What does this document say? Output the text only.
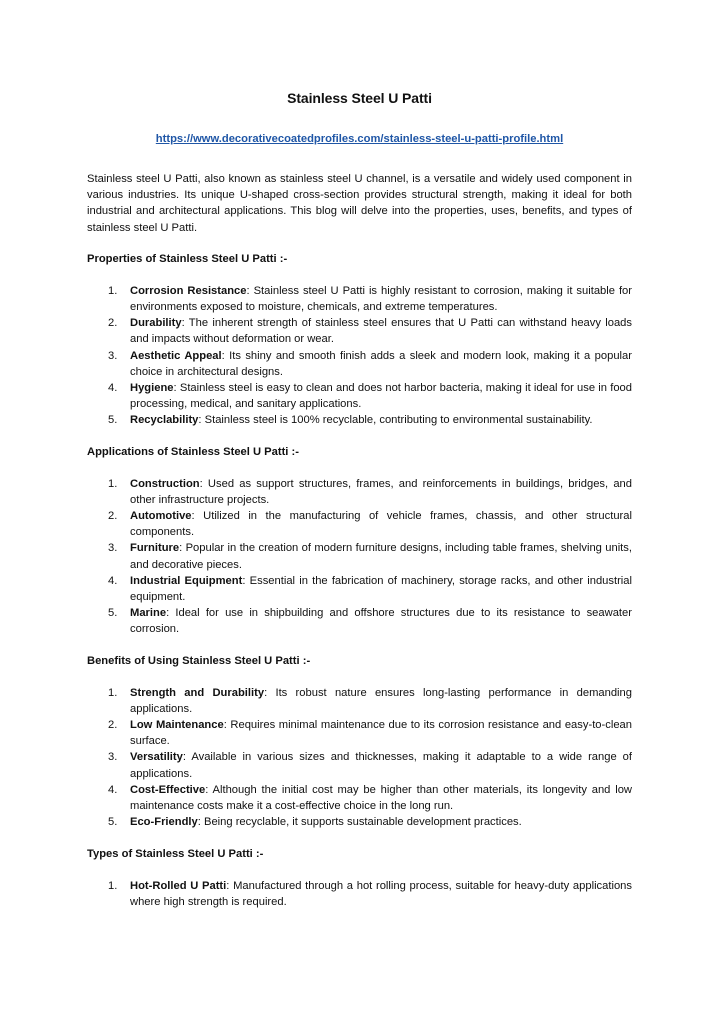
Stainless Steel U Patti

https://www.decorativecoatedprofiles.com/stainless-steel-u-patti-profile.html

Stainless steel U Patti, also known as stainless steel U channel, is a versatile and widely used component in various industries. Its unique U-shaped cross-section provides structural strength, making it ideal for both industrial and architectural applications. This blog will delve into the properties, uses, benefits, and types of stainless steel U Patti.

Properties of Stainless Steel U Patti :-

1. Corrosion Resistance: Stainless steel U Patti is highly resistant to corrosion, making it suitable for environments exposed to moisture, chemicals, and extreme temperatures.
2. Durability: The inherent strength of stainless steel ensures that U Patti can withstand heavy loads and impacts without deformation or wear.
3. Aesthetic Appeal: Its shiny and smooth finish adds a sleek and modern look, making it a popular choice in architectural designs.
4. Hygiene: Stainless steel is easy to clean and does not harbor bacteria, making it ideal for use in food processing, medical, and sanitary applications.
5. Recyclability: Stainless steel is 100% recyclable, contributing to environmental sustainability.

Applications of Stainless Steel U Patti :-

1. Construction: Used as support structures, frames, and reinforcements in buildings, bridges, and other infrastructure projects.
2. Automotive: Utilized in the manufacturing of vehicle frames, chassis, and other structural components.
3. Furniture: Popular in the creation of modern furniture designs, including table frames, shelving units, and decorative pieces.
4. Industrial Equipment: Essential in the fabrication of machinery, storage racks, and other industrial equipment.
5. Marine: Ideal for use in shipbuilding and offshore structures due to its resistance to seawater corrosion.

Benefits of Using Stainless Steel U Patti :-

1. Strength and Durability: Its robust nature ensures long-lasting performance in demanding applications.
2. Low Maintenance: Requires minimal maintenance due to its corrosion resistance and easy-to-clean surface.
3. Versatility: Available in various sizes and thicknesses, making it adaptable to a wide range of applications.
4. Cost-Effective: Although the initial cost may be higher than other materials, its longevity and low maintenance costs make it a cost-effective choice in the long run.
5. Eco-Friendly: Being recyclable, it supports sustainable development practices.

Types of Stainless Steel U Patti :-

1. Hot-Rolled U Patti: Manufactured through a hot rolling process, suitable for heavy-duty applications where high strength is required.
